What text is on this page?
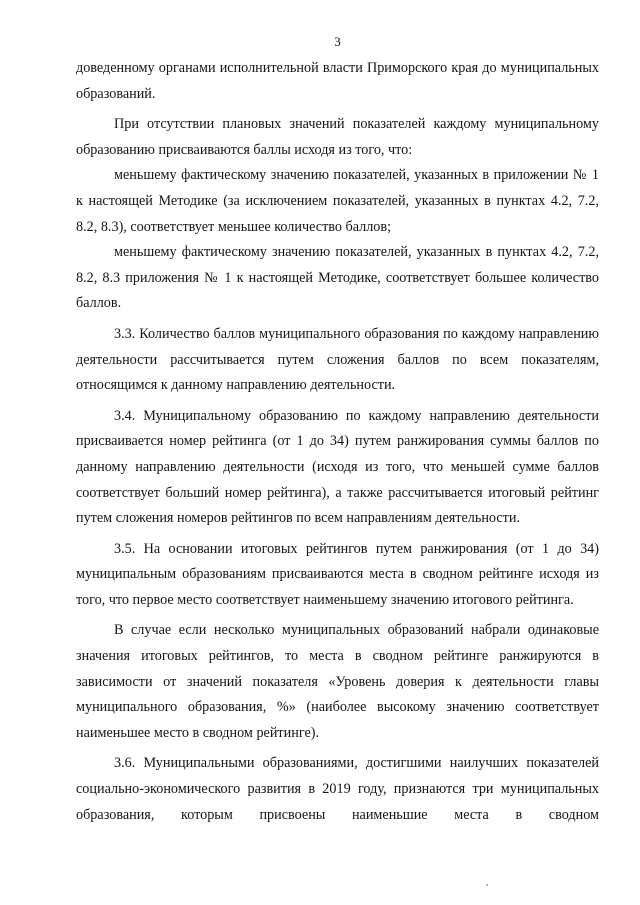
3

доведенному органами исполнительной власти Приморского края до муниципальных образований.

При отсутствии плановых значений показателей каждому муниципальному образованию присваиваются баллы исходя из того, что:

меньшему фактическому значению показателей, указанных в приложении № 1 к настоящей Методике (за исключением показателей, указанных в пунктах 4.2, 7.2, 8.2, 8.3), соответствует меньшее количество баллов;

меньшему фактическому значению показателей, указанных в пунктах 4.2, 7.2, 8.2, 8.3 приложения № 1 к настоящей Методике, соответствует большее количество баллов.

3.3. Количество баллов муниципального образования по каждому направлению деятельности рассчитывается путем сложения баллов по всем показателям, относящимся к данному направлению деятельности.

3.4. Муниципальному образованию по каждому направлению деятельности присваивается номер рейтинга (от 1 до 34) путем ранжирования суммы баллов по данному направлению деятельности (исходя из того, что меньшей сумме баллов соответствует больший номер рейтинга), а также рассчитывается итоговый рейтинг путем сложения номеров рейтингов по всем направлениям деятельности.

3.5. На основании итоговых рейтингов путем ранжирования (от 1 до 34) муниципальным образованиям присваиваются места в сводном рейтинге исходя из того, что первое место соответствует наименьшему значению итогового рейтинга.

В случае если несколько муниципальных образований набрали одинаковые значения итоговых рейтингов, то места в сводном рейтинге ранжируются в зависимости от значений показателя «Уровень доверия к деятельности главы муниципального образования, %» (наиболее высокому значению соответствует наименьшее место в сводном рейтинге).

3.6. Муниципальными образованиями, достигшими наилучших показателей социально-экономического развития в 2019 году, признаются три муниципальных образования, которым присвоены наименьшие места в сводном
